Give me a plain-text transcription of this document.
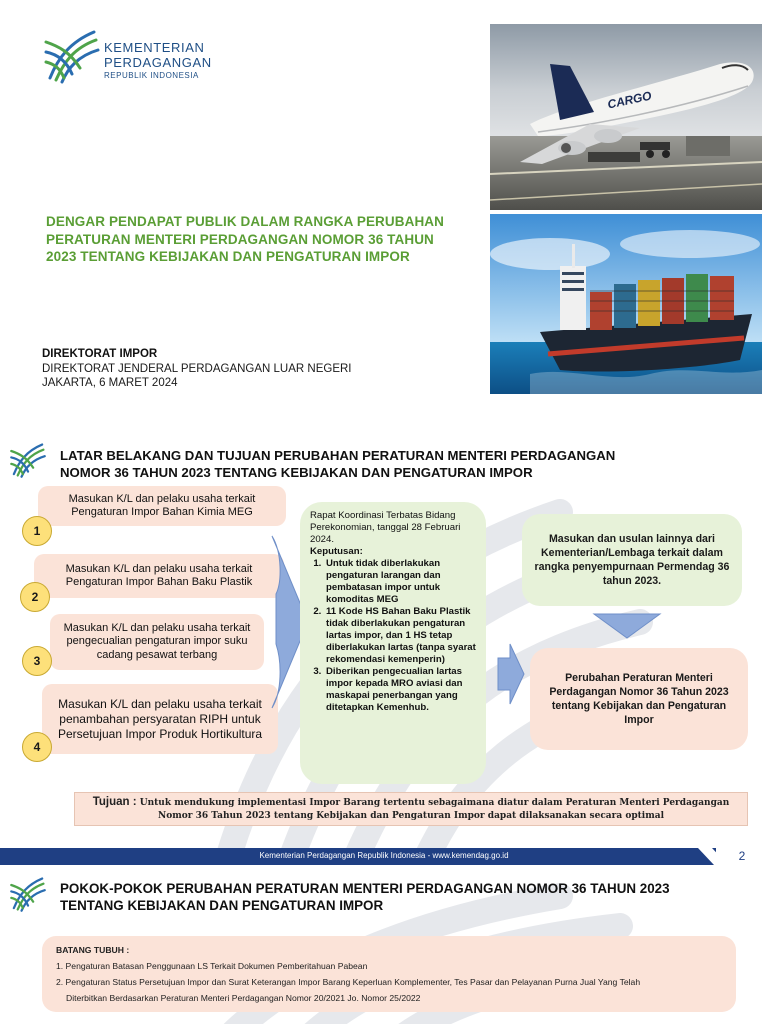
KEMENTERIAN
PERDAGANGAN
REPUBLIK INDONESIA
DENGAR PENDAPAT PUBLIK DALAM RANGKA PERUBAHAN PERATURAN MENTERI PERDAGANGAN NOMOR 36 TAHUN 2023 TENTANG KEBIJAKAN DAN PENGATURAN IMPOR
DIREKTORAT IMPOR
DIREKTORAT JENDERAL PERDAGANGAN LUAR NEGERI
JAKARTA, 6 MARET 2024
CARGO
LATAR BELAKANG DAN TUJUAN PERUBAHAN PERATURAN MENTERI PERDAGANGAN
NOMOR 36 TAHUN 2023 TENTANG KEBIJAKAN DAN PENGATURAN IMPOR
Masukan K/L dan pelaku usaha terkait Pengaturan Impor Bahan Kimia MEG
1
Masukan K/L dan pelaku usaha terkait Pengaturan Impor Bahan Baku Plastik
2
Masukan K/L dan pelaku usaha terkait pengecualian pengaturan impor suku cadang pesawat terbang
3
Masukan K/L dan pelaku usaha terkait penambahan persyaratan RIPH untuk Persetujuan Impor Produk Hortikultura
4
Rapat Koordinasi Terbatas Bidang Perekonomian, tanggal 28 Februari 2024.
Keputusan:
1. Untuk tidak diberlakukan pengaturan larangan dan pembatasan impor untuk komoditas MEG
2. 11 Kode HS Bahan Baku Plastik tidak diberlakukan pengaturan lartas impor, dan 1 HS tetap diberlakukan lartas (tanpa syarat rekomendasi kemenperin)
3. Diberikan pengecualian lartas impor kepada MRO aviasi dan maskapai penerbangan yang ditetapkan Kemenhub.
Masukan dan usulan lainnya dari Kementerian/Lembaga terkait dalam rangka penyempurnaan Permendag 36 tahun 2023.
Perubahan Peraturan Menteri Perdagangan Nomor 36 Tahun 2023 tentang Kebijakan dan Pengaturan Impor
Tujuan : Untuk mendukung implementasi Impor Barang tertentu sebagaimana diatur dalam Peraturan Menteri Perdagangan Nomor 36 Tahun 2023 tentang Kebijakan dan Pengaturan Impor dapat dilaksanakan secara optimal
Kementerian Perdagangan Republik Indonesia - www.kemendag.go.id	2
POKOK-POKOK PERUBAHAN PERATURAN MENTERI PERDAGANGAN NOMOR 36 TAHUN 2023
TENTANG KEBIJAKAN DAN PENGATURAN IMPOR
BATANG TUBUH :
1. Pengaturan Batasan Penggunaan LS Terkait Dokumen Pemberitahuan Pabean
2. Pengaturan Status Persetujuan Impor dan Surat Keterangan Impor Barang Keperluan Komplementer, Tes Pasar dan Pelayanan Purna Jual Yang Telah
Diterbitkan Berdasarkan Peraturan Menteri Perdagangan Nomor 20/2021 Jo. Nomor 25/2022
